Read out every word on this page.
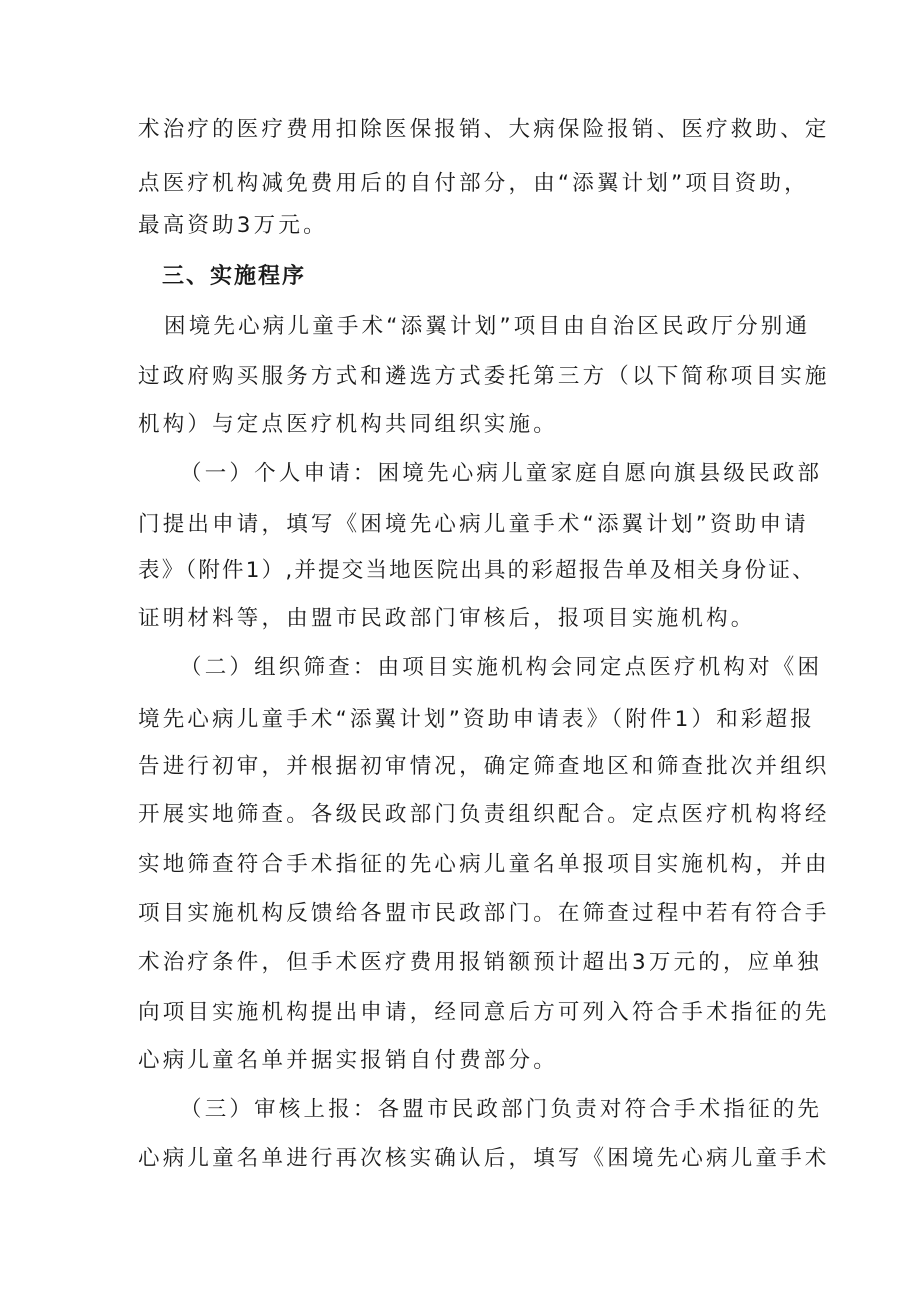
术治疗的医疗费用扣除医保报销、大病保险报销、医疗救助、定

点医疗机构减免费用后的自付部分，由“添翼计划”项目资助，

最高资助3万元。

三、实施程序

困境先心病儿童手术“添翼计划”项目由自治区民政厅分别通

过政府购买服务方式和遴选方式委托第三方（以下简称项目实施

机构）与定点医疗机构共同组织实施。

（一）个人申请：困境先心病儿童家庭自愿向旗县级民政部

门提出申请，填写《困境先心病儿童手术“添翼计划”资助申请

表》（附件1）,并提交当地医院出具的彩超报告单及相关身份证、

证明材料等，由盟市民政部门审核后，报项目实施机构。

（二）组织筛查：由项目实施机构会同定点医疗机构对《困

境先心病儿童手术“添翼计划”资助申请表》（附件1）和彩超报

告进行初审，并根据初审情况，确定筛查地区和筛查批次并组织

开展实地筛查。各级民政部门负责组织配合。定点医疗机构将经

实地筛查符合手术指征的先心病儿童名单报项目实施机构，并由

项目实施机构反馈给各盟市民政部门。在筛查过程中若有符合手

术治疗条件，但手术医疗费用报销额预计超出3万元的，应单独

向项目实施机构提出申请，经同意后方可列入符合手术指征的先

心病儿童名单并据实报销自付费部分。

（三）审核上报：各盟市民政部门负责对符合手术指征的先

心病儿童名单进行再次核实确认后，填写《困境先心病儿童手术
